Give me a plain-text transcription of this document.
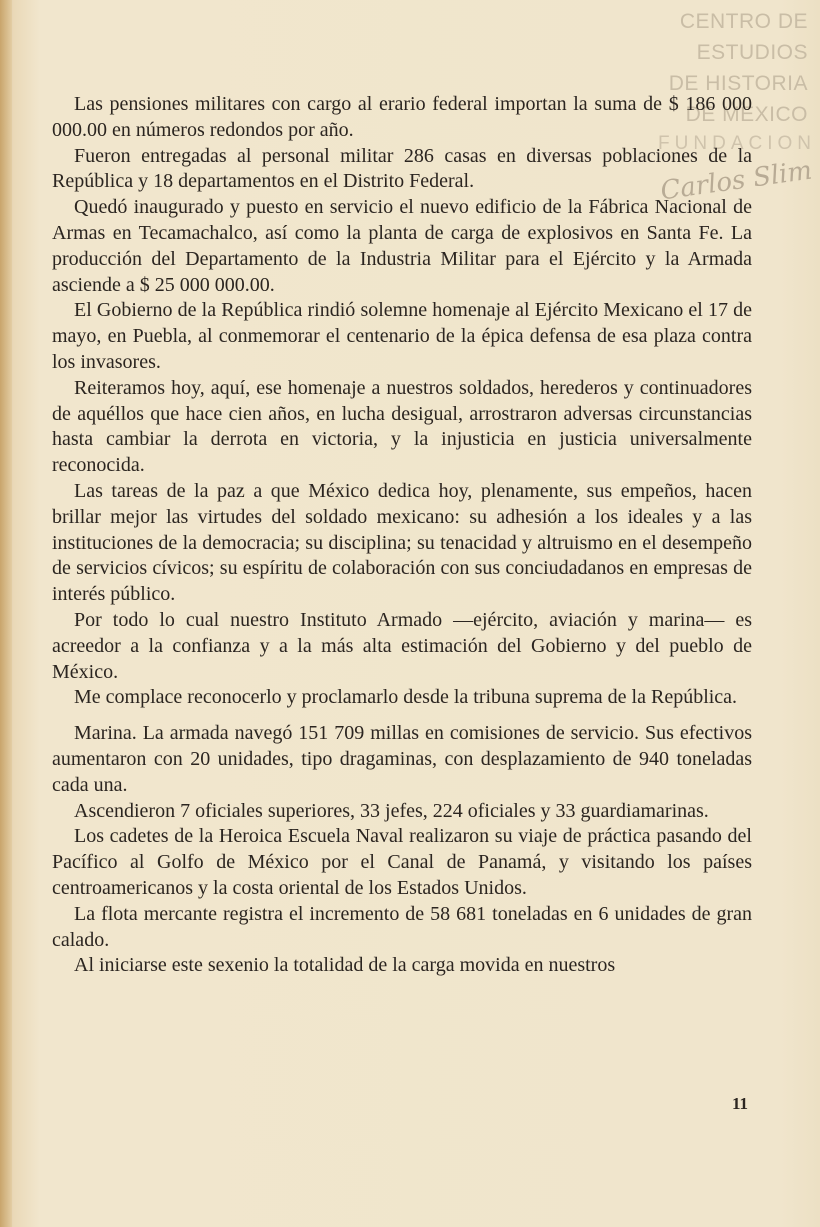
CENTRO DE
ESTUDIOS
DE HISTORIA
DE MEXICO
FUNDACION
Carlos Slim

Las pensiones militares con cargo al erario federal importan la suma de $ 186 000 000.00 en números redondos por año.

Fueron entregadas al personal militar 286 casas en diversas poblaciones de la República y 18 departamentos en el Distrito Federal.

Quedó inaugurado y puesto en servicio el nuevo edificio de la Fábrica Nacional de Armas en Tecamachalco, así como la planta de carga de explosivos en Santa Fe. La producción del Departamento de la Industria Militar para el Ejército y la Armada asciende a $ 25 000 000.00.

El Gobierno de la República rindió solemne homenaje al Ejército Mexicano el 17 de mayo, en Puebla, al conmemorar el centenario de la épica defensa de esa plaza contra los invasores.

Reiteramos hoy, aquí, ese homenaje a nuestros soldados, herederos y continuadores de aquéllos que hace cien años, en lucha desigual, arrostraron adversas circunstancias hasta cambiar la derrota en victoria, y la injusticia en justicia universalmente reconocida.

Las tareas de la paz a que México dedica hoy, plenamente, sus empeños, hacen brillar mejor las virtudes del soldado mexicano: su adhesión a los ideales y a las instituciones de la democracia; su disciplina; su tenacidad y altruismo en el desempeño de servicios cívicos; su espíritu de colaboración con sus conciudadanos en empresas de interés público.

Por todo lo cual nuestro Instituto Armado —ejército, aviación y marina— es acreedor a la confianza y a la más alta estimación del Gobierno y del pueblo de México.

Me complace reconocerlo y proclamarlo desde la tribuna suprema de la República.

Marina. La armada navegó 151 709 millas en comisiones de servicio. Sus efectivos aumentaron con 20 unidades, tipo dragaminas, con desplazamiento de 940 toneladas cada una.

Ascendieron 7 oficiales superiores, 33 jefes, 224 oficiales y 33 guardiamarinas.

Los cadetes de la Heroica Escuela Naval realizaron su viaje de práctica pasando del Pacífico al Golfo de México por el Canal de Panamá, y visitando los países centroamericanos y la costa oriental de los Estados Unidos.

La flota mercante registra el incremento de 58 681 toneladas en 6 unidades de gran calado.

Al iniciarse este sexenio la totalidad de la carga movida en nuestros

11
